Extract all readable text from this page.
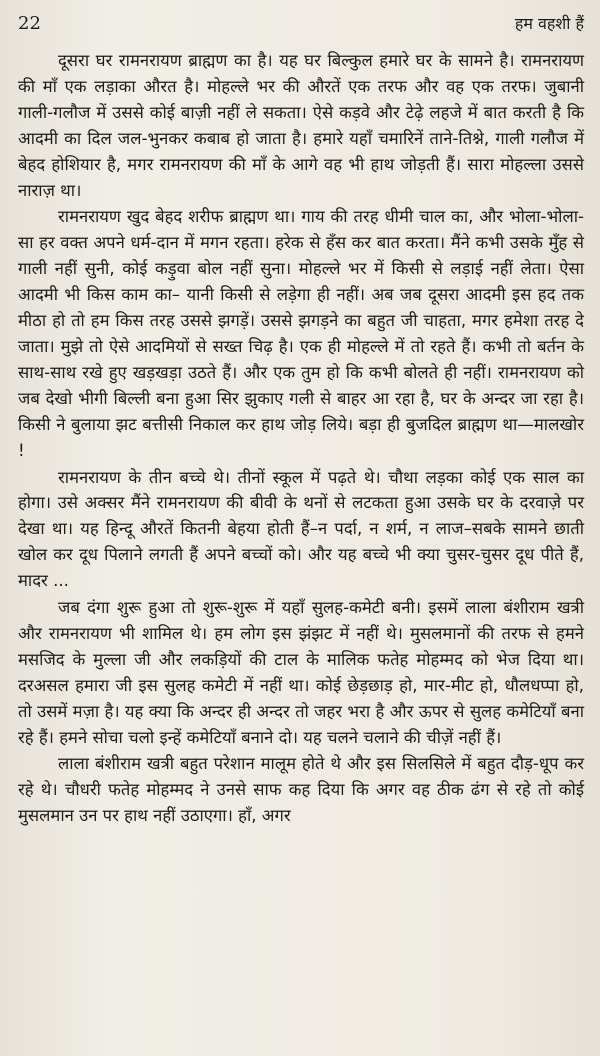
22	हम वहशी हैं

दूसरा घर रामनरायण ब्राह्मण का है। यह घर बिल्कुल हमारे घर के सामने है। रामनरायण की माँ एक लड़ाका औरत है। मोहल्ले भर की औरतें एक तरफ और वह एक तरफ। जुबानी गाली-गलौज में उससे कोई बाज़ी नहीं ले सकता। ऐसे कड़वे और टेढ़े लहजे में बात करती है कि आदमी का दिल जल-भुनकर कबाब हो जाता है। हमारे यहाँ चमारिनें ताने-तिश्ने, गाली गलौज में बेहद होशियार है, मगर रामनरायण की माँ के आगे वह भी हाथ जोड़ती हैं। सारा मोहल्ला उससे नाराज़ था।

रामनरायण खुद बेहद शरीफ ब्राह्मण था। गाय की तरह धीमी चाल का, और भोला-भोला-सा हर वक्त अपने धर्म-दान में मगन रहता। हरेक से हँस कर बात करता। मैंने कभी उसके मुँह से गाली नहीं सुनी, कोई कड़ुवा बोल नहीं सुना। मोहल्ले भर में किसी से लड़ाई नहीं लेता। ऐसा आदमी भी किस काम का– यानी किसी से लड़ेगा ही नहीं। अब जब दूसरा आदमी इस हद तक मीठा हो तो हम किस तरह उससे झगड़ें। उससे झगड़ने का बहुत जी चाहता, मगर हमेशा तरह दे जाता। मुझे तो ऐसे आदमियों से सख्त चिढ़ है। एक ही मोहल्ले में तो रहते हैं। कभी तो बर्तन के साथ-साथ रखे हुए खड़खड़ा उठते हैं। और एक तुम हो कि कभी बोलते ही नहीं। रामनरायण को जब देखो भीगी बिल्ली बना हुआ सिर झुकाए गली से बाहर आ रहा है, घर के अन्दर जा रहा है। किसी ने बुलाया झट बत्तीसी निकाल कर हाथ जोड़ लिये। बड़ा ही बुजदिल ब्राह्मण था—मालखोर !

रामनरायण के तीन बच्चे थे। तीनों स्कूल में पढ़ते थे। चौथा लड़का कोई एक साल का होगा। उसे अक्सर मैंने रामनरायण की बीवी के थनों से लटकता हुआ उसके घर के दरवाज़े पर देखा था। यह हिन्दू औरतें कितनी बेहया होती हैं–न पर्दा, न शर्म, न लाज–सबके सामने छाती खोल कर दूध पिलाने लगती हैं अपने बच्चों को। और यह बच्चे भी क्या चुसर-चुसर दूध पीते हैं, मादर ...

जब दंगा शुरू हुआ तो शुरू-शुरू में यहाँ सुलह-कमेटी बनी। इसमें लाला बंशीराम खत्री और रामनरायण भी शामिल थे। हम लोग इस झंझट में नहीं थे। मुसलमानों की तरफ से हमने मसजिद के मुल्ला जी और लकड़ियों की टाल के मालिक फतेह मोहम्मद को भेज दिया था। दरअसल हमारा जी इस सुलह कमेटी में नहीं था। कोई छेड़छाड़ हो, मार-मीट हो, धौलधप्पा हो, तो उसमें मज़ा है। यह क्या कि अन्दर ही अन्दर तो जहर भरा है और ऊपर से सुलह कमेटियाँ बना रहे हैं। हमने सोचा चलो इन्हें कमेटियाँ बनाने दो। यह चलने चलाने की चीज़ें नहीं हैं।

लाला बंशीराम खत्री बहुत परेशान मालूम होते थे और इस सिलसिले में बहुत दौड़-धूप कर रहे थे। चौधरी फतेह मोहम्मद ने उनसे साफ कह दिया कि अगर वह ठीक ढंग से रहे तो कोई मुसलमान उन पर हाथ नहीं उठाएगा। हाँ, अगर
